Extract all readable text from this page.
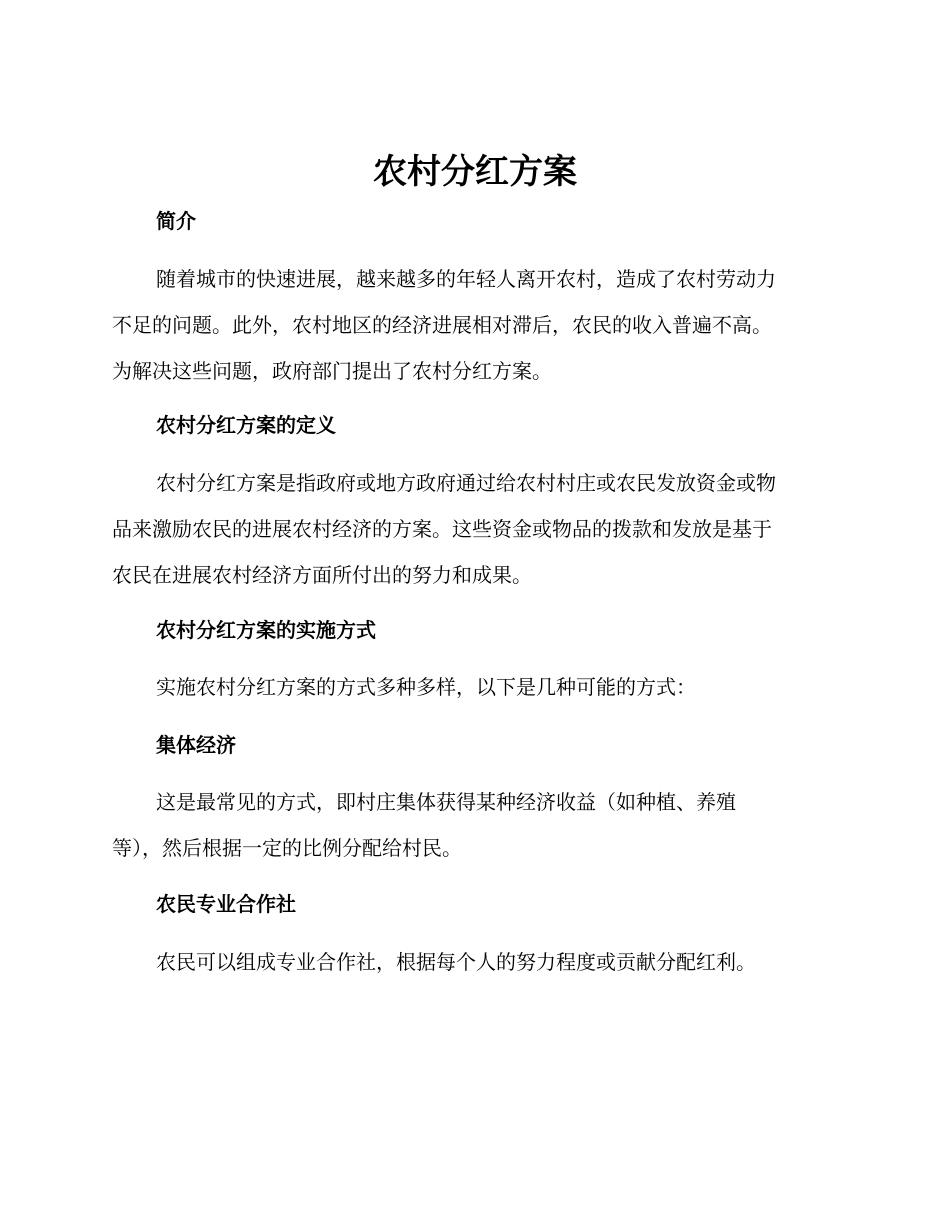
农村分红方案
简介

随着城市的快速进展，越来越多的年轻人离开农村，造成了农村劳动力
不足的问题。此外，农村地区的经济进展相对滞后，农民的收入普遍不高。
为解决这些问题，政府部门提出了农村分红方案。

农村分红方案的定义

农村分红方案是指政府或地方政府通过给农村村庄或农民发放资金或物
品来激励农民的进展农村经济的方案。这些资金或物品的拨款和发放是基于
农民在进展农村经济方面所付出的努力和成果。

农村分红方案的实施方式

实施农村分红方案的方式多种多样，以下是几种可能的方式：

集体经济

这是最常见的方式，即村庄集体获得某种经济收益（如种植、养殖
等），然后根据一定的比例分配给村民。

农民专业合作社

农民可以组成专业合作社，根据每个人的努力程度或贡献分配红利。
